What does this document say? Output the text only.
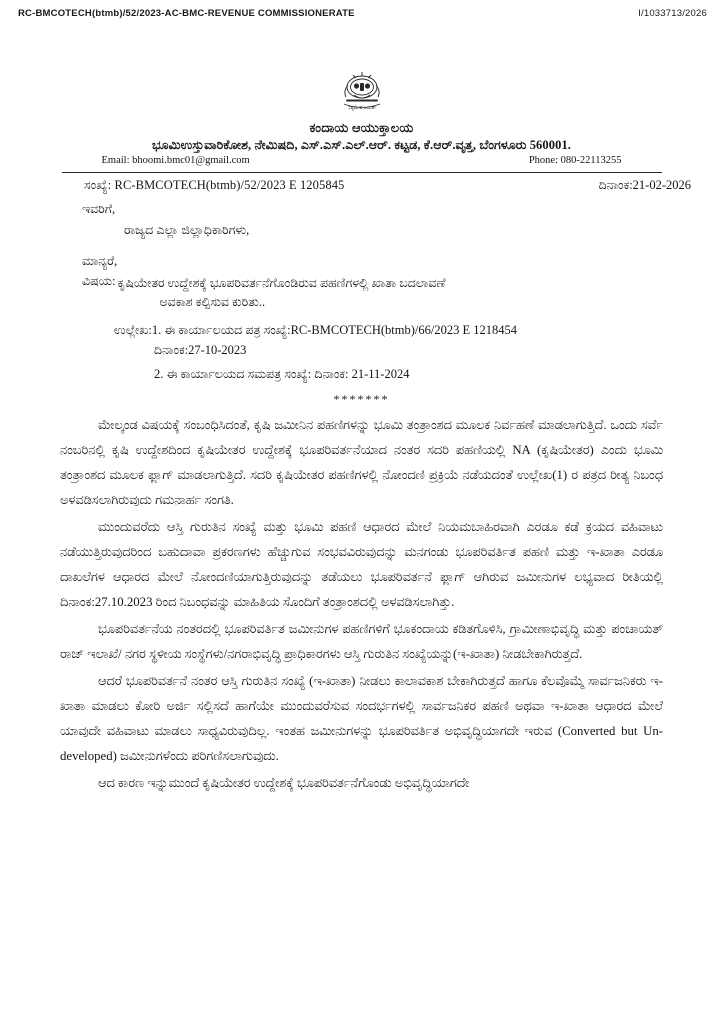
RC-BMCOTECH(btmb)/52/2023-AC-BMC-REVENUE COMMISSIONERATE	I/1033713/2026
ಸತ್ಯಮೇವ ಜಯತೇ
ಕಂದಾಯ ಆಯುಕ್ತಾಲಯ
ಭೂಮಿಉಸ್ತುವಾರಿಕೋಶ, ನೇಮಿಷದಿ, ಎಸ್.ಎಸ್.ಎಲ್.ಆರ್. ಕಟ್ಟಡ, ಕೆ.ಆರ್.ವೃತ್ತ, ಬೆಂಗಳೂರು 560001.
Email: bhoomi.bmc01@gmail.com	Phone: 080-22113255
ಸಂಖ್ಯೆ: RC-BMCOTECH(btmb)/52/2023 E 1205845	ದಿನಾಂಕ:21-02-2026
ಇವರಿಗೆ,
ರಾಜ್ಯದ ಎಲ್ಲಾ ಜಿಲ್ಲಾಧಿಕಾರಿಗಳು,
ಮಾನ್ಯರೆ,
ವಿಷಯ: ಕೃಷಿಯೇತರ ಉದ್ದೇಶಕ್ಕೆ ಭೂಪರಿವರ್ತನೆಗೊಂಡಿರುವ ಪಹಣಿಗಳಲ್ಲಿ ಖಾತಾ ಬದಲಾವಣೆ
ಅವಕಾಶ ಕಲ್ಪಿಸುವ ಕುರಿತು..
ಉಲ್ಲೇಖ:1. ಈ ಕಾರ್ಯಾಲಯದ ಪತ್ರ ಸಂಖ್ಯೆ:RC-BMCOTECH(btmb)/66/2023 E 1218454
ದಿನಾಂಕ:27-10-2023
2. ಈ ಕಾರ್ಯಾಲಯದ ಸಮಪತ್ರ ಸಂಖ್ಯೆ: ದಿನಾಂಕ: 21-11-2024
*******

ಮೇಲ್ಕಂಡ ವಿಷಯಕ್ಕೆ ಸಂಬಂಧಿಸಿದಂತೆ, ಕೃಷಿ ಜಮೀನಿನ ಪಹಣಿಗಳನ್ನು ಭೂಮಿ ತಂತ್ರಾಂಶದ ಮೂಲಕ ನಿರ್ವಹಣೆ ಮಾಡಲಾಗುತ್ತಿದೆ. ಒಂದು ಸರ್ವೆ ನಂಬರಿನಲ್ಲಿ ಕೃಷಿ ಉದ್ದೇಶದಿಂದ ಕೃಷಿಯೇತರ ಉದ್ದೇಶಕ್ಕೆ ಭೂಪರಿವರ್ತನೆಯಾದ ನಂತರ ಸದರಿ ಪಹಣಿಯಲ್ಲಿ NA (ಕೃಷಿಯೇತರ) ಎಂದು ಭೂಮಿ ತಂತ್ರಾಂಶದ ಮೂಲಕ ಫ್ಲಾಗ್ ಮಾಡಲಾಗುತ್ತಿದೆ. ಸದರಿ ಕೃಷಿಯೇತರ ಪಹಣಿಗಳಲ್ಲಿ ನೋಂದಣಿ ಪ್ರಕ್ರಿಯೆ ನಡೆಯದಂತೆ ಉಲ್ಲೇಖ(1) ರ ಪತ್ರದ ರೀತ್ಯ ನಿಬಂಧ ಅಳವಡಿಸಲಾಗಿರುವುದು ಗಮನಾರ್ಹ ಸಂಗತಿ.

ಮುಂದುವರೆದು ಆಸ್ತಿ ಗುರುತಿನ ಸಂಖ್ಯೆ ಮತ್ತು ಭೂಮಿ ಪಹಣಿ ಆಧಾರದ ಮೇಲೆ ನಿಯಮಬಾಹಿರವಾಗಿ ಎರಡೂ ಕಡೆ ಕ್ರಯದ ವಹಿವಾಟು ನಡೆಯುತ್ತಿರುವುದರಿಂದ ಬಹುದಾವಾ ಪ್ರಕರಣಗಳು ಹೆಚ್ಚುಗುವ ಸಂಭವವಿರುವುದನ್ನು ಮನಗಂಡು ಭೂಪರಿವರ್ತಿತ ಪಹಣಿ ಮತ್ತು ಇ-ಖಾತಾ ಎರಡೂ ದಾಖಲೆಗಳ ಆಧಾರದ ಮೇಲೆ ನೋಂದಣಿಯಾಗುತ್ತಿರುವುದನ್ನು ತಡೆಯಲು ಭೂಪರಿವರ್ತನೆ ಫ್ಲಾಗ್ ಆಗಿರುವ ಜಮೀನುಗಳ ಲಭ್ಯವಾದ ರೀತಿಯಲ್ಲಿ ದಿನಾಂಕ:27.10.2023 ರಿಂದ ನಿಬಂಧವನ್ನು ಮಾಹಿತಿಯ ಸೊಂದಿಗೆ ತಂತ್ರಾಂಶದಲ್ಲಿ ಅಳವಡಿಸಲಾಗಿತ್ತು.

ಭೂಪರಿವರ್ತನೆಯ ನಂತರದಲ್ಲಿ ಭೂಪರಿವರ್ತಿತ ಜಮೀನುಗಳ ಪಹಣಿಗಳಿಗೆ ಭೂಕಂದಾಯ ಕಡಿತಗೊಳಿಸಿ, ಗ್ರಾಮೀಣಾಭಿವೃದ್ಧಿ ಮತ್ತು ಪಂಚಾಯತ್ ರಾಜ್ ಇಲಾಖೆ/ ನಗರ ಸ್ಥಳೀಯ ಸಂಸ್ಥೆಗಳು/ನಗರಾಭಿವೃದ್ಧಿ ಪ್ರಾಧಿಕಾರಗಳು ಆಸ್ತಿ ಗುರುತಿನ ಸಂಖ್ಯೆಯನ್ನು(ಇ-ಖಾತಾ) ನೀಡಬೇಕಾಗಿರುತ್ತದೆ.

ಆದರೆ ಭೂಪರಿವರ್ತನೆ ನಂತರ ಆಸ್ತಿ ಗುರುತಿನ ಸಂಖ್ಯೆ (ಇ-ಖಾತಾ) ನೀಡಲು ಕಾಲಾವಕಾಶ ಬೇಕಾಗಿರುತ್ತದೆ ಹಾಗೂ ಕೆಲವೊಮ್ಮೆ ಸಾರ್ವಜನಿಕರು ಇ-ಖಾತಾ ಮಾಡಲು ಕೋರಿ ಅರ್ಜಿ ಸಲ್ಲಿಸದೆ ಹಾಗೆಯೇ ಮುಂದುವರೆಸುವ ಸಂದರ್ಭಗಳಲ್ಲಿ ಸಾರ್ವಜನಿಕರ ಪಹಣಿ ಅಥವಾ ಇ-ಖಾತಾ ಆಧಾರದ ಮೇಲೆ ಯಾವುದೇ ವಹಿವಾಟು ಮಾಡಲು ಸಾಧ್ಯವಿರುವುದಿಲ್ಲ. ಇಂತಹ ಜಮೀನುಗಳನ್ನು ಭೂಪರಿವರ್ತಿತ ಅಭಿವೃದ್ಧಿಯಾಗದೇ ಇರುವ (Converted but Un-developed) ಜಮೀನುಗಳೆಂದು ಪರಿಗಣಿಸಲಾಗುವುದು.

ಆದ ಕಾರಣ ಇನ್ನುಮುಂದೆ ಕೃಷಿಯೇತರ ಉದ್ದೇಶಕ್ಕೆ ಭೂಪರಿವರ್ತನೆಗೊಂಡು ಅಭಿವೃದ್ಧಿಯಾಗದೇ
